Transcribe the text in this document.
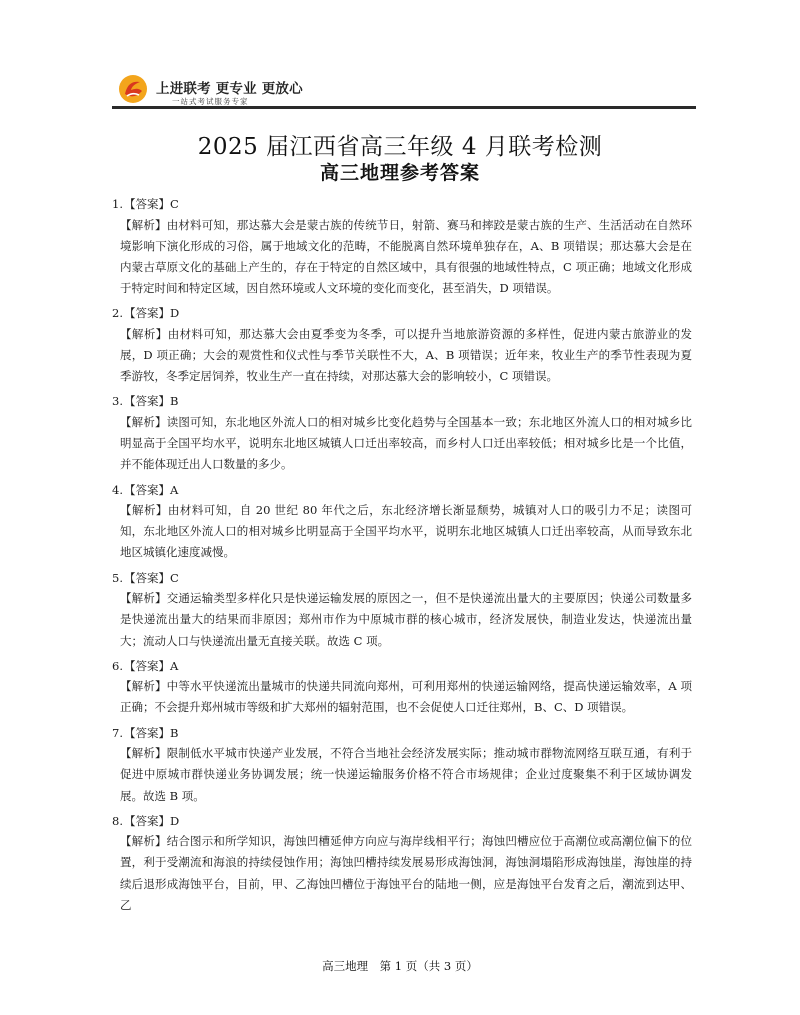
上进联考 更专业 更放心
一站式考试服务专家
2025 届江西省高三年级 4 月联考检测
高三地理参考答案
1.【答案】C
【解析】由材料可知，那达慕大会是蒙古族的传统节日，射箭、赛马和摔跤是蒙古族的生产、生活活动在自然环境影响下演化形成的习俗，属于地域文化的范畴，不能脱离自然环境单独存在，A、B 项错误；那达慕大会是在内蒙古草原文化的基础上产生的，存在于特定的自然区域中，具有很强的地域性特点，C 项正确；地域文化形成于特定时间和特定区域，因自然环境或人文环境的变化而变化，甚至消失，D 项错误。
2.【答案】D
【解析】由材料可知，那达慕大会由夏季变为冬季，可以提升当地旅游资源的多样性，促进内蒙古旅游业的发展，D 项正确；大会的观赏性和仪式性与季节关联性不大，A、B 项错误；近年来，牧业生产的季节性表现为夏季游牧，冬季定居饲养，牧业生产一直在持续，对那达慕大会的影响较小，C 项错误。
3.【答案】B
【解析】读图可知，东北地区外流人口的相对城乡比变化趋势与全国基本一致；东北地区外流人口的相对城乡比明显高于全国平均水平，说明东北地区城镇人口迁出率较高，而乡村人口迁出率较低；相对城乡比是一个比值，并不能体现迁出人口数量的多少。
4.【答案】A
【解析】由材料可知，自 20 世纪 80 年代之后，东北经济增长渐显颓势，城镇对人口的吸引力不足；读图可知，东北地区外流人口的相对城乡比明显高于全国平均水平，说明东北地区城镇人口迁出率较高，从而导致东北地区城镇化速度减慢。
5.【答案】C
【解析】交通运输类型多样化只是快递运输发展的原因之一，但不是快递流出量大的主要原因；快递公司数量多是快递流出量大的结果而非原因；郑州市作为中原城市群的核心城市，经济发展快，制造业发达，快递流出量大；流动人口与快递流出量无直接关联。故选 C 项。
6.【答案】A
【解析】中等水平快递流出量城市的快递共同流向郑州，可利用郑州的快递运输网络，提高快递运输效率，A 项正确；不会提升郑州城市等级和扩大郑州的辐射范围，也不会促使人口迁往郑州，B、C、D 项错误。
7.【答案】B
【解析】限制低水平城市快递产业发展，不符合当地社会经济发展实际；推动城市群物流网络互联互通，有利于促进中原城市群快递业务协调发展；统一快递运输服务价格不符合市场规律；企业过度聚集不利于区域协调发展。故选 B 项。
8.【答案】D
【解析】结合图示和所学知识，海蚀凹槽延伸方向应与海岸线相平行；海蚀凹槽应位于高潮位或高潮位偏下的位置，利于受潮流和海浪的持续侵蚀作用；海蚀凹槽持续发展易形成海蚀洞，海蚀洞塌陷形成海蚀崖，海蚀崖的持续后退形成海蚀平台，目前，甲、乙海蚀凹槽位于海蚀平台的陆地一侧，应是海蚀平台发育之后，潮流到达甲、乙
高三地理　第 1 页（共 3 页）
